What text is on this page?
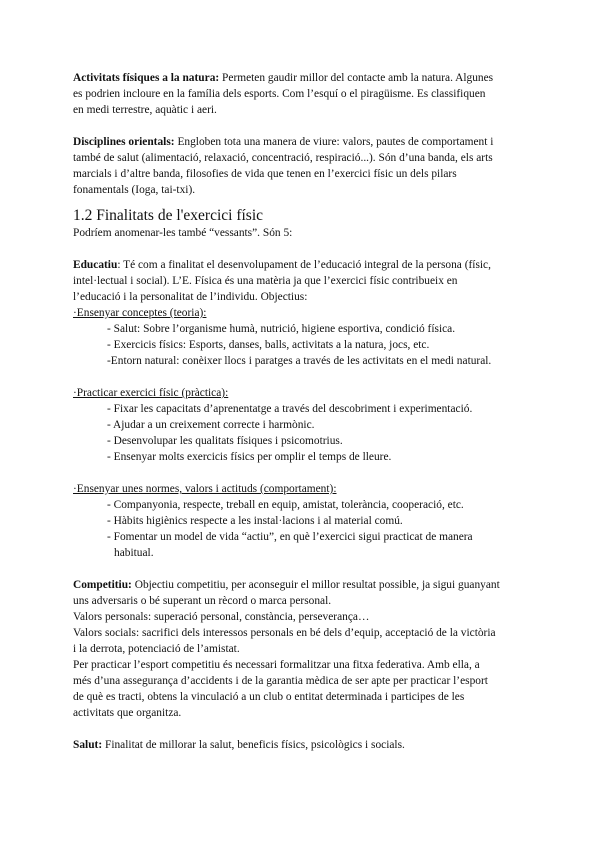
Activitats físiques a la natura: Permeten gaudir millor del contacte amb la natura. Algunes

es podrien incloure en la família dels esports. Com l’esquí o el piragüisme. Es classifiquen

en medi terrestre, aquàtic i aeri.

Disciplines orientals: Engloben tota una manera de viure: valors, pautes de comportament i

també de salut (alimentació, relaxació, concentració, respiració...). Són d’una banda, els arts

marcials i d’altre banda, filosofies de vida que tenen en l’exercici físic un dels pilars

fonamentals (Ioga, tai-txi).

1.2 Finalitats de l'exercici físic

Podríem anomenar-les també “vessants”. Són 5:

Educatiu: Té com a finalitat el desenvolupament de l’educació integral de la persona (físic,

intel·lectual i social). L’E. Física és una matèria ja que l’exercici físic contribueix en

l’educació i la personalitat de l’individu. Objectius:

·Ensenyar conceptes (teoria):

- Salut: Sobre l’organisme humà, nutrició, higiene esportiva, condició física.

- Exercicis físics: Esports, danses, balls, activitats a la natura, jocs, etc.

-Entorn natural: conèixer llocs i paratges a través de les activitats en el medi natural.

·Practicar exercici físic (pràctica):

- Fixar les capacitats d’aprenentatge a través del descobriment i experimentació.

- Ajudar a un creixement correcte i harmònic.

- Desenvolupar les qualitats físiques i psicomotrius.

- Ensenyar molts exercicis físics per omplir el temps de lleure.

·Ensenyar unes normes, valors i actituds (comportament):

- Companyonia, respecte, treball en equip, amistat, tolerància, cooperació, etc.

- Hàbits higiènics respecte a les instal·lacions i al material comú.

- Fomentar un model de vida “actiu”, en què l’exercici sigui practicat de manera

habitual.

Competitiu: Objectiu competitiu, per aconseguir el millor resultat possible, ja sigui guanyant

uns adversaris o bé superant un rècord o marca personal.

Valors personals: superació personal, constància, perseverança…

Valors socials: sacrifici dels interessos personals en bé dels d’equip, acceptació de la victòria

i la derrota, potenciació de l’amistat.

Per practicar l’esport competitiu és necessari formalitzar una fitxa federativa. Amb ella, a

més d’una assegurança d’accidents i de la garantia mèdica de ser apte per practicar l’esport

de què es tracti, obtens la vinculació a un club o entitat determinada i participes de les

activitats que organitza.

Salut: Finalitat de millorar la salut, beneficis físics, psicològics i socials.
